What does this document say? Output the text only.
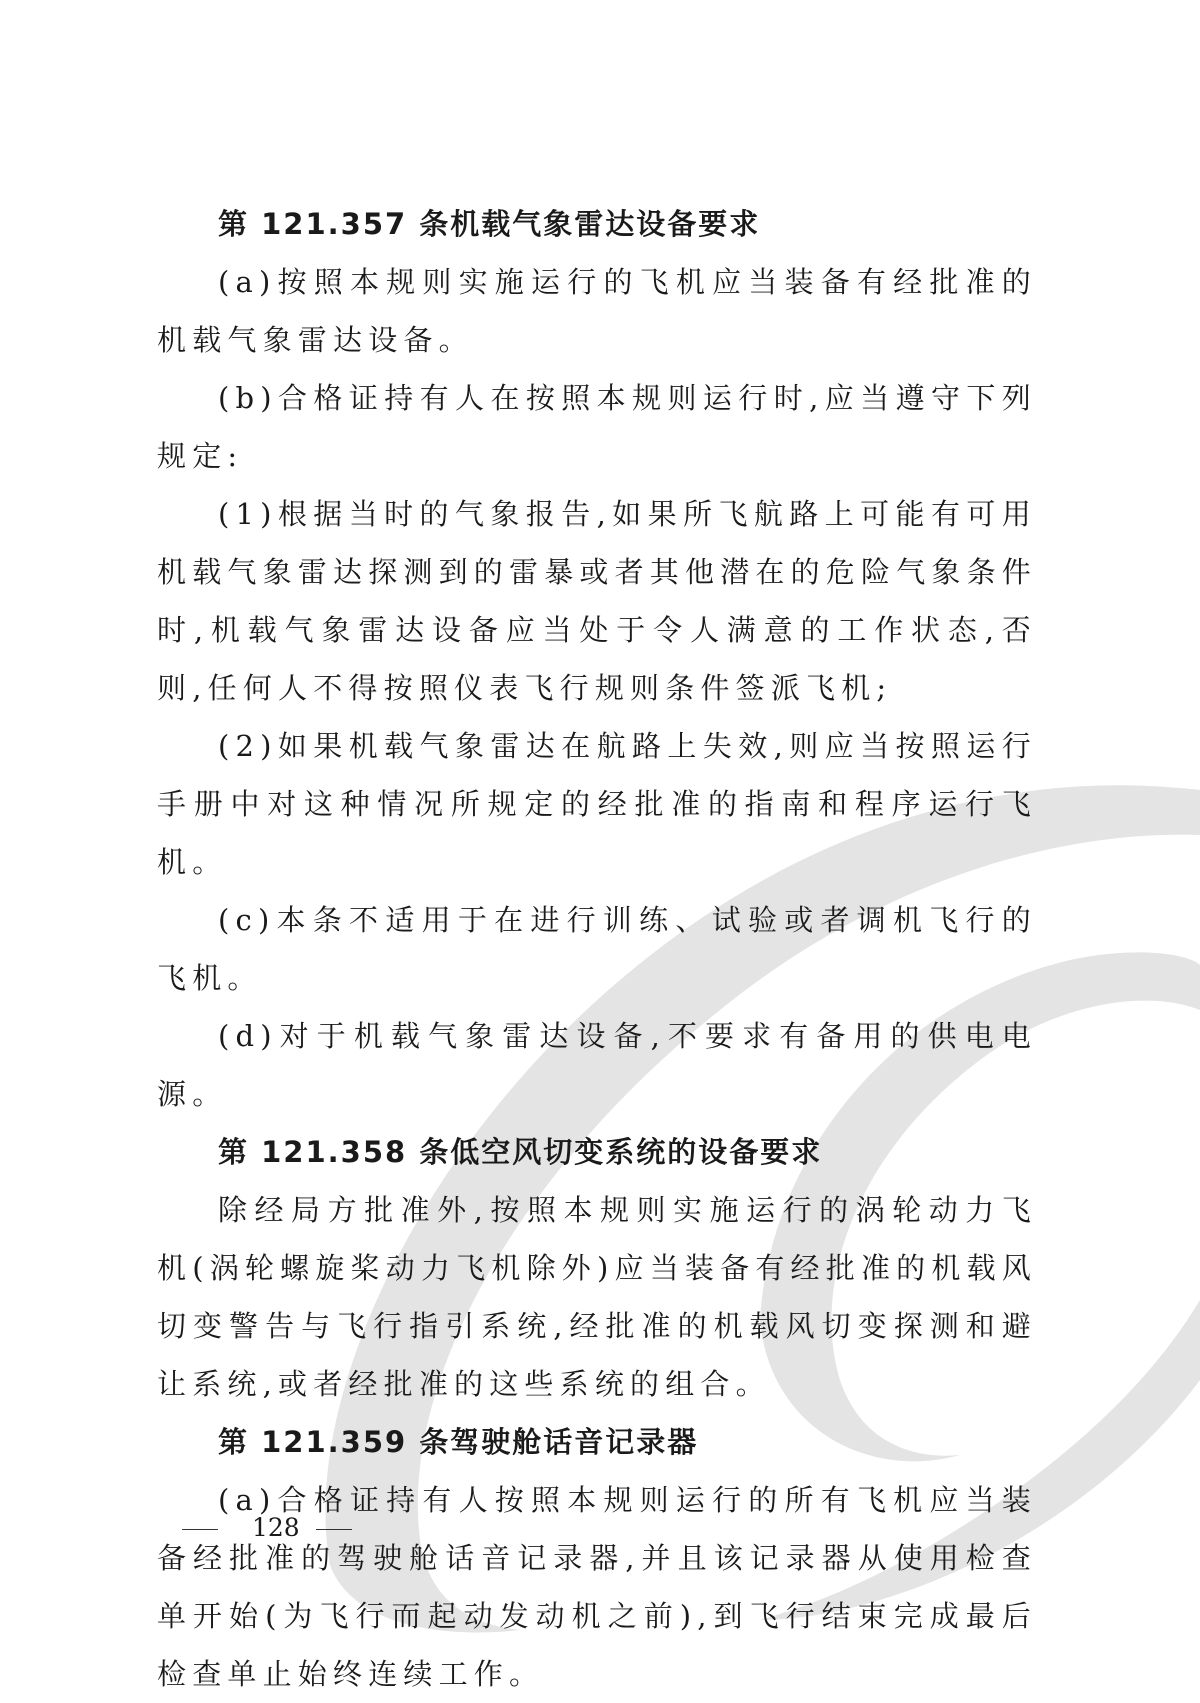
第 121.357 条机载气象雷达设备要求

(a)按照本规则实施运行的飞机应当装备有经批准的机载气象雷达设备。

(b)合格证持有人在按照本规则运行时,应当遵守下列规定:

(1)根据当时的气象报告,如果所飞航路上可能有可用机载气象雷达探测到的雷暴或者其他潜在的危险气象条件时,机载气象雷达设备应当处于令人满意的工作状态,否则,任何人不得按照仪表飞行规则条件签派飞机;

(2)如果机载气象雷达在航路上失效,则应当按照运行手册中对这种情况所规定的经批准的指南和程序运行飞机。

(c)本条不适用于在进行训练、试验或者调机飞行的飞机。

(d)对于机载气象雷达设备,不要求有备用的供电电源。

第 121.358 条低空风切变系统的设备要求

除经局方批准外,按照本规则实施运行的涡轮动力飞机(涡轮螺旋桨动力飞机除外)应当装备有经批准的机载风切变警告与飞行指引系统,经批准的机载风切变探测和避让系统,或者经批准的这些系统的组合。

第 121.359 条驾驶舱话音记录器

(a)合格证持有人按照本规则运行的所有飞机应当装备经批准的驾驶舱话音记录器,并且该记录器从使用检查单开始(为飞行而起动发动机之前),到飞行结束完成最后检查单止始终连续工作。

128
